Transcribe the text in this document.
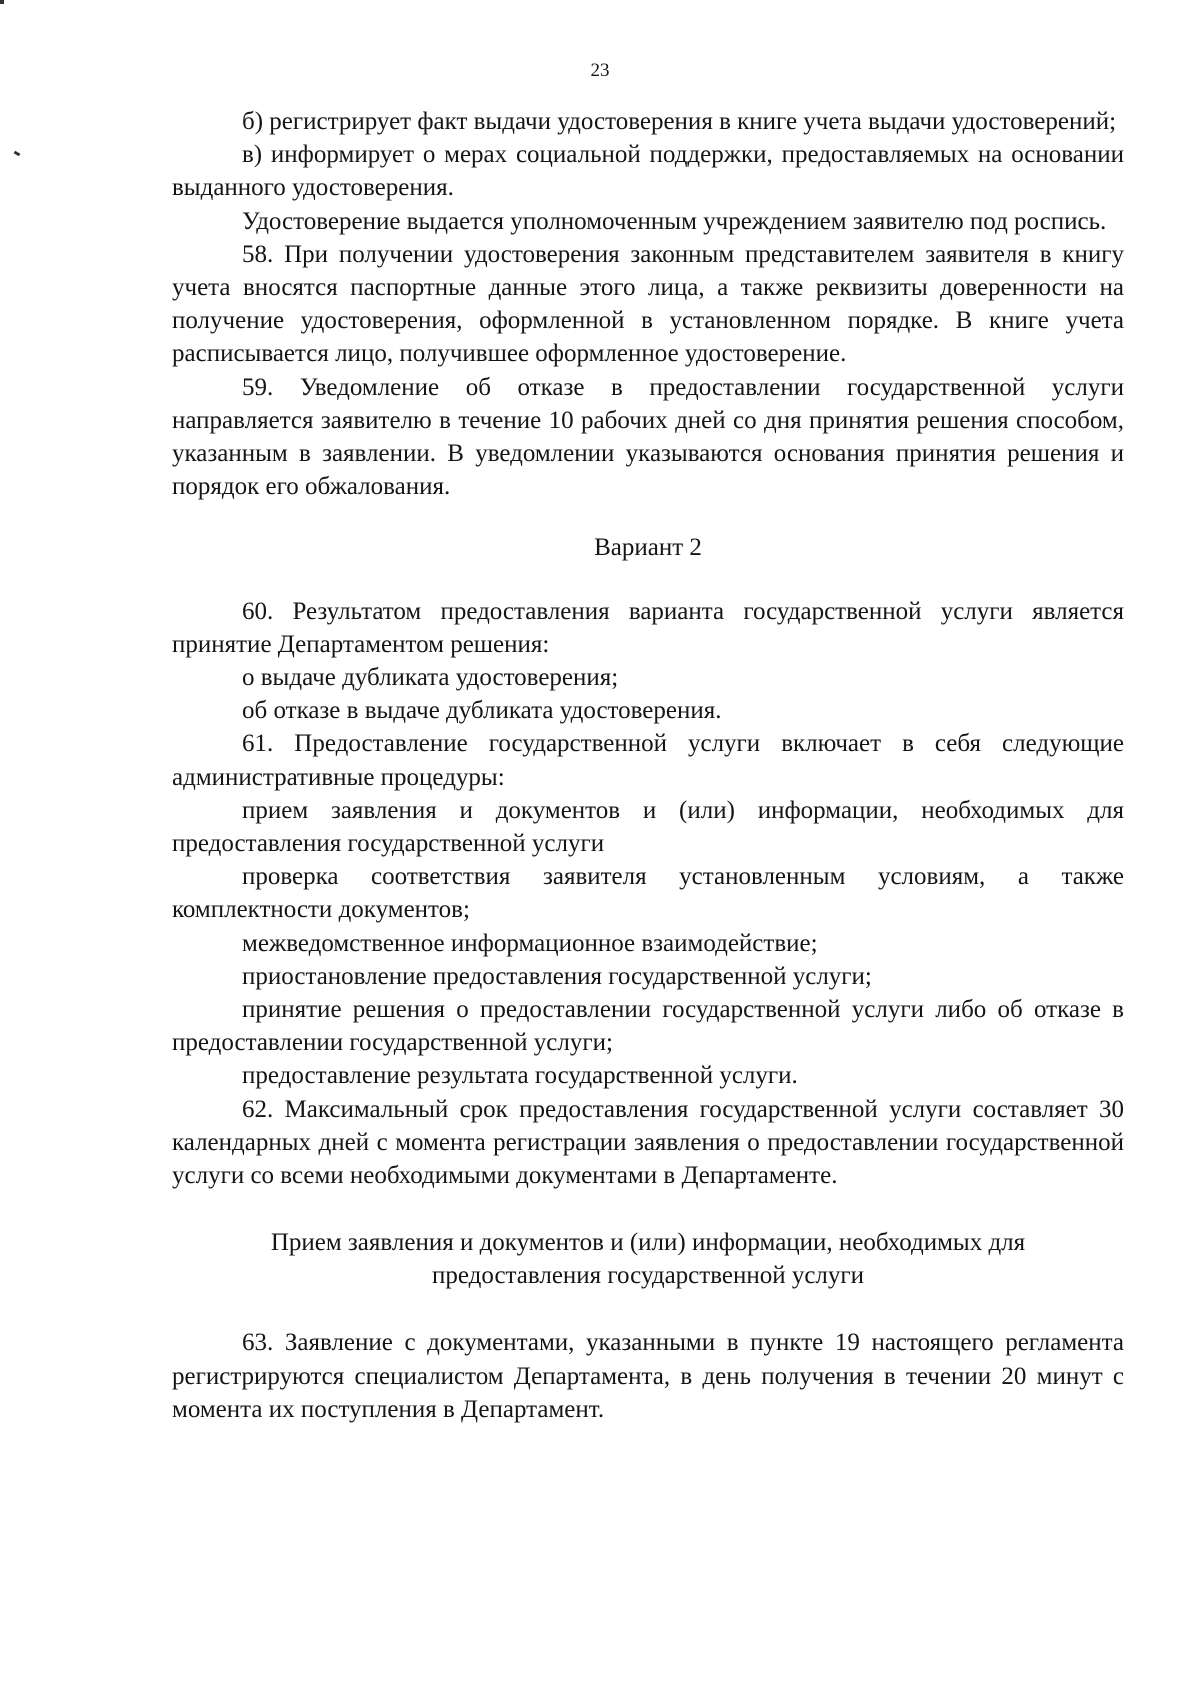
23

б) регистрирует факт выдачи удостоверения в книге учета выдачи удостоверений;

в) информирует о мерах социальной поддержки, предоставляемых на основании выданного удостоверения.

Удостоверение выдается уполномоченным учреждением заявителю под роспись.

58. При получении удостоверения законным представителем заявителя в книгу учета вносятся паспортные данные этого лица, а также реквизиты доверенности на получение удостоверения, оформленной в установленном порядке. В книге учета расписывается лицо, получившее оформленное удостоверение.

59. Уведомление об отказе в предоставлении государственной услуги направляется заявителю в течение 10 рабочих дней со дня принятия решения способом, указанным в заявлении. В уведомлении указываются основания принятия решения и порядок его обжалования.

Вариант 2

60. Результатом предоставления варианта государственной услуги является принятие Департаментом решения:

о выдаче дубликата удостоверения;

об отказе в выдаче дубликата удостоверения.

61. Предоставление государственной услуги включает в себя следующие административные процедуры:

прием заявления и документов и (или) информации, необходимых для предоставления государственной услуги

проверка соответствия заявителя установленным условиям, а также комплектности документов;

межведомственное информационное взаимодействие;

приостановление предоставления государственной услуги;

принятие решения о предоставлении государственной услуги либо об отказе в предоставлении государственной услуги;

предоставление результата государственной услуги.

62. Максимальный срок предоставления государственной услуги составляет 30 календарных дней с момента регистрации заявления о предоставлении государственной услуги со всеми необходимыми документами в Департаменте.

Прием заявления и документов и (или) информации, необходимых для предоставления государственной услуги

63. Заявление с документами, указанными в пункте 19 настоящего регламента регистрируются специалистом Департамента, в день получения в течении 20 минут с момента их поступления в Департамент.
